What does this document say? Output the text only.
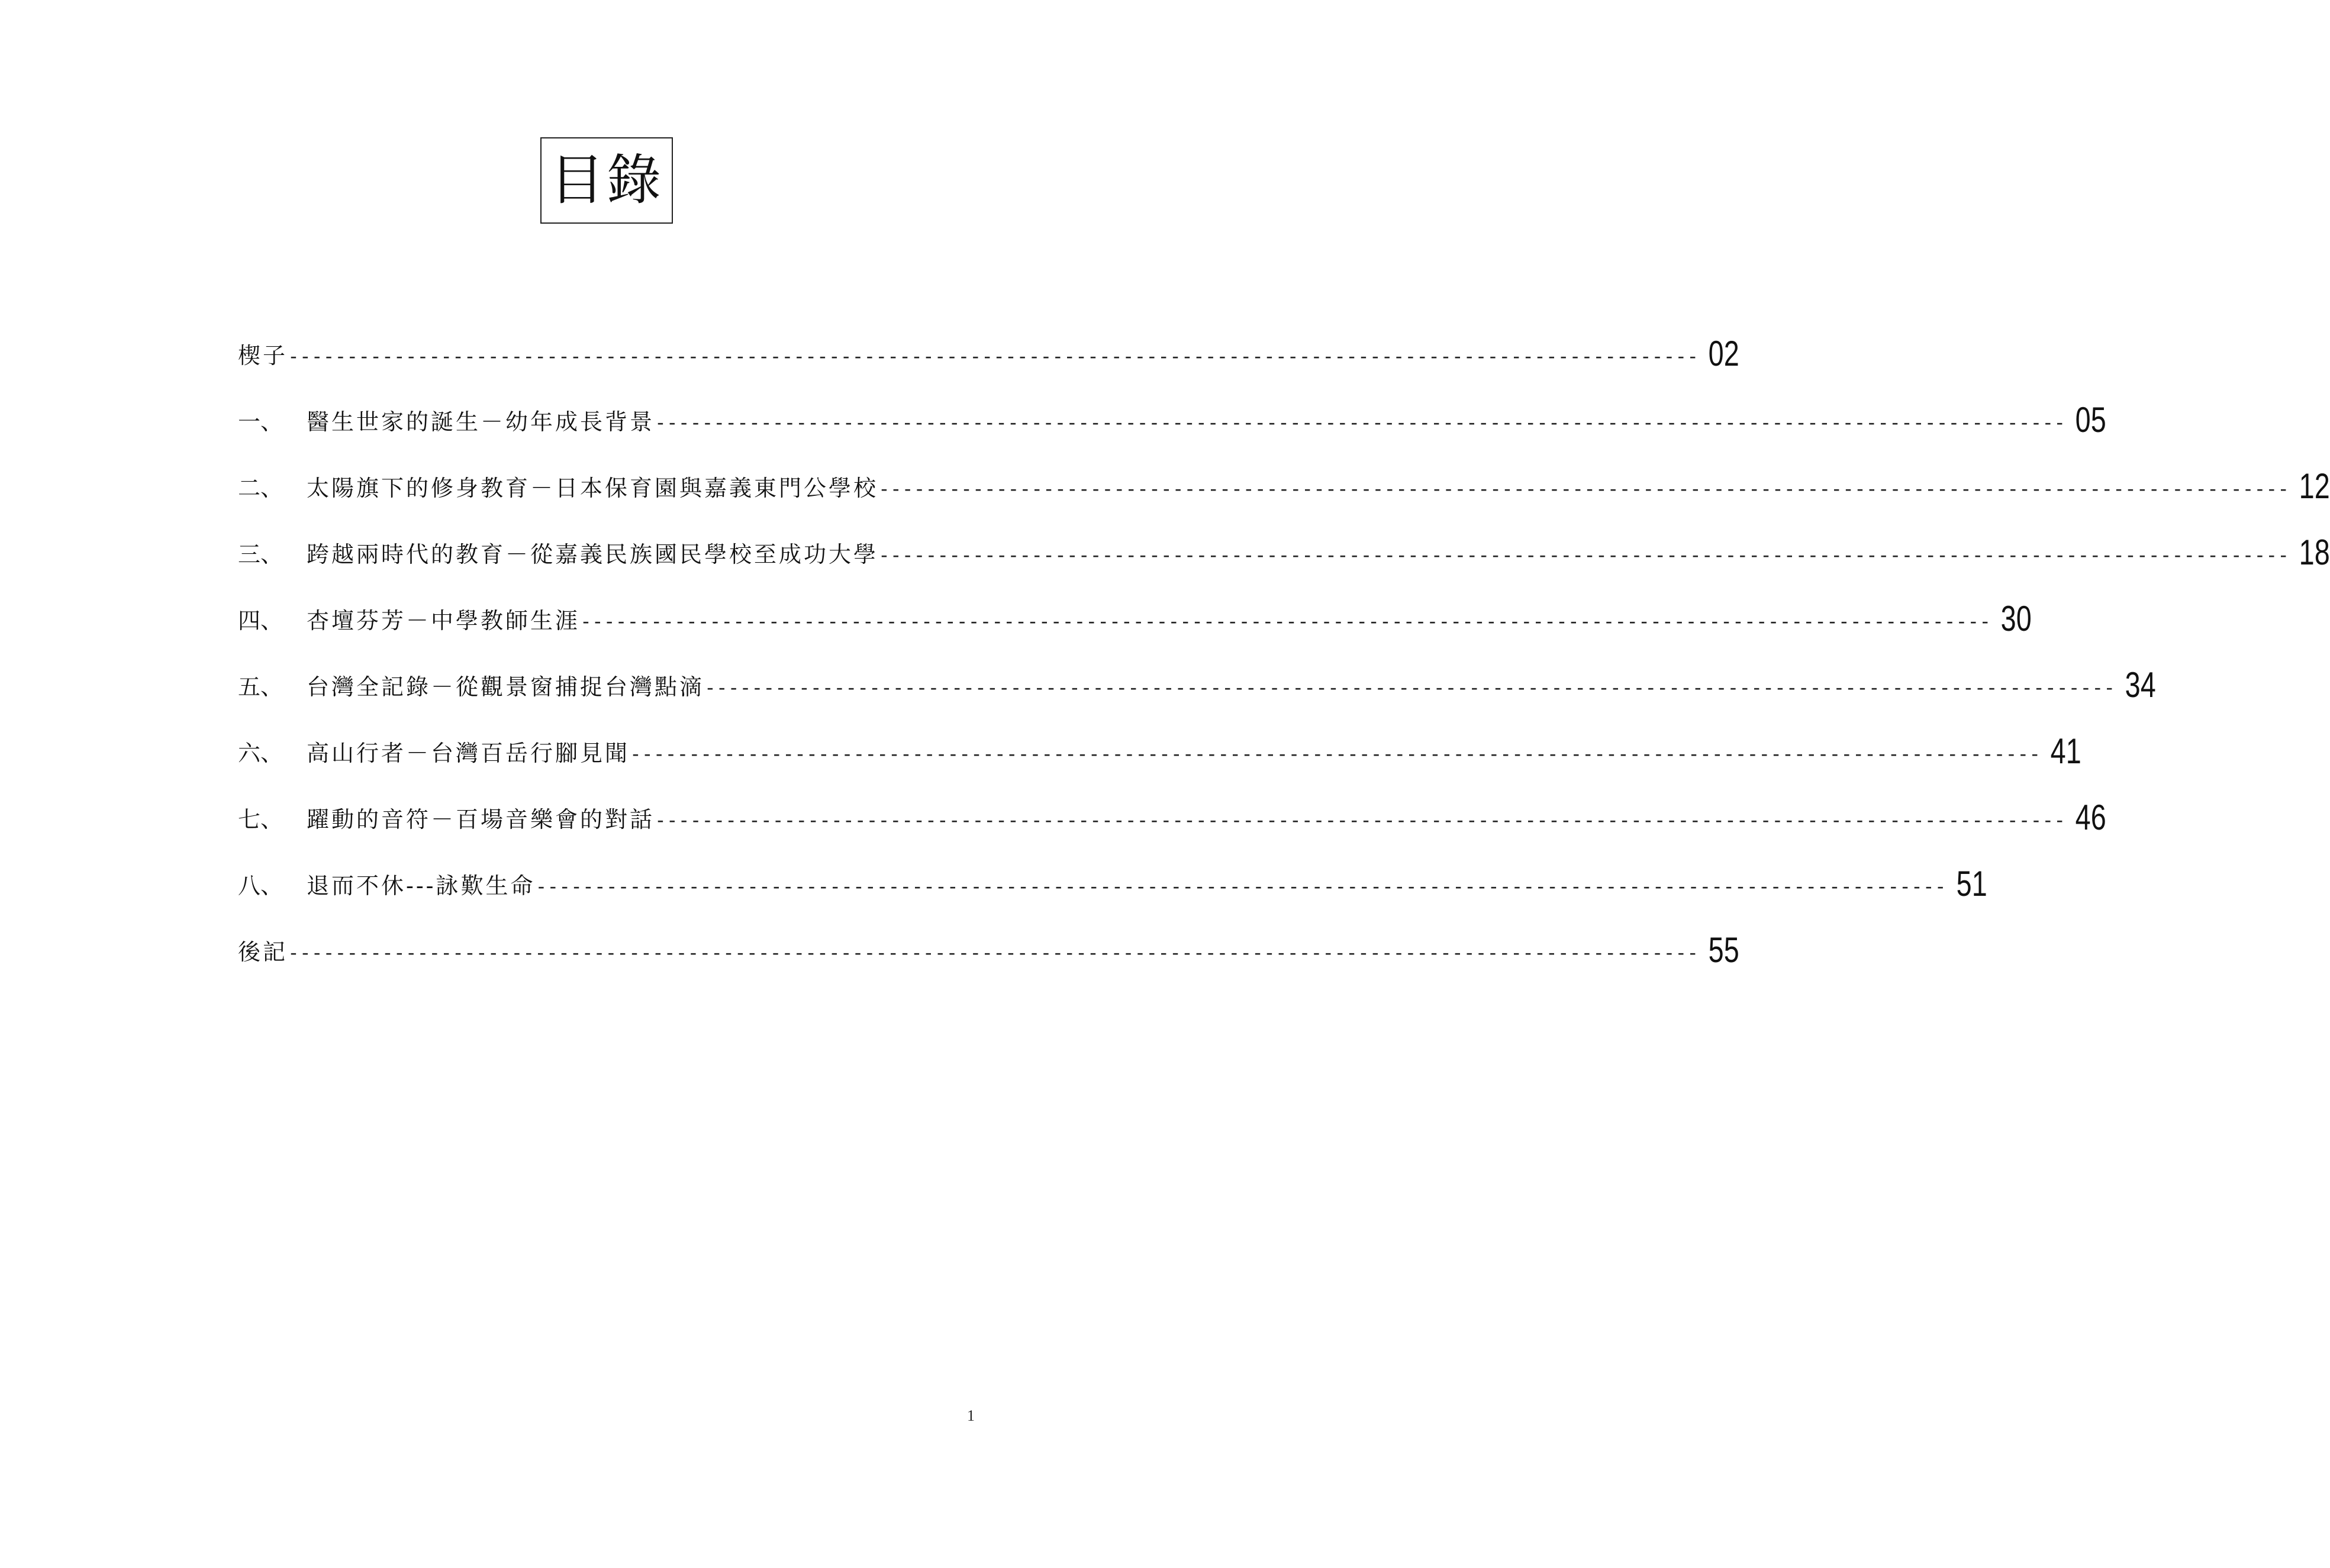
目錄
楔子 ------------------------------------------------------------------------------------------------------------------------ 02
一、	醫生世家的誕生－幼年成長背景 ------------------------------------------------------------------------------------------------------------------------ 05
二、	太陽旗下的修身教育－日本保育園與嘉義東門公學校 ------------------------------------------------------------------------------------------------------------------------ 12
三、	跨越兩時代的教育－從嘉義民族國民學校至成功大學 ------------------------------------------------------------------------------------------------------------------------ 18
四、	杏壇芬芳－中學教師生涯 ------------------------------------------------------------------------------------------------------------------------ 30
五、	台灣全記錄－從觀景窗捕捉台灣點滴 ------------------------------------------------------------------------------------------------------------------------ 34
六、	高山行者－台灣百岳行腳見聞 ------------------------------------------------------------------------------------------------------------------------ 41
七、	躍動的音符－百場音樂會的對話 ------------------------------------------------------------------------------------------------------------------------ 46
八、	退而不休---詠歎生命 ------------------------------------------------------------------------------------------------------------------------ 51
後記 ------------------------------------------------------------------------------------------------------------------------ 55
1
